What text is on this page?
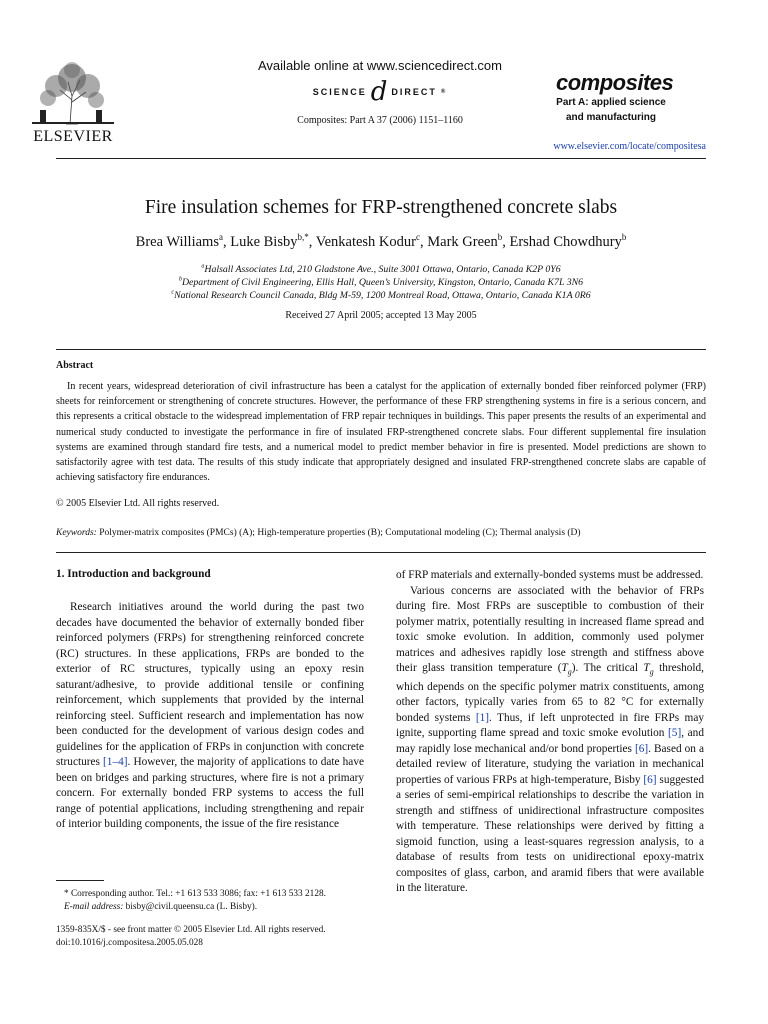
ELSEVIER
Available online at www.sciencedirect.com
SCIENCE d DIRECT ®
Composites: Part A 37 (2006) 1151–1160
composites
Part A: applied science
and manufacturing
www.elsevier.com/locate/compositesa
Fire insulation schemes for FRP-strengthened concrete slabs
Brea Williams$^a$, Luke Bisby$^{b,*}$, Venkatesh Kodur$^c$, Mark Green$^b$, Ershad Chowdhury$^b$
$^a$Halsall Associates Ltd, 210 Gladstone Ave., Suite 3001 Ottawa, Ontario, Canada K2P 0Y6
$^b$Department of Civil Engineering, Ellis Hall, Queen’s University, Kingston, Ontario, Canada K7L 3N6
$^c$National Research Council Canada, Bldg M-59, 1200 Montreal Road, Ottawa, Ontario, Canada K1A 0R6
Received 27 April 2005; accepted 13 May 2005
Abstract

In recent years, widespread deterioration of civil infrastructure has been a catalyst for the application of externally bonded fiber reinforced polymer (FRP) sheets for reinforcement or strengthening of concrete structures. However, the performance of these FRP strengthening systems in fire is a serious concern, and this represents a critical obstacle to the widespread implementation of FRP repair techniques in buildings. This paper presents the results of an experimental and numerical study conducted to investigate the performance in fire of insulated FRP-strengthened concrete slabs. Four different supplemental fire insulation systems are examined through standard fire tests, and a numerical model to predict member behavior in fire is presented. Model predictions are shown to satisfactorily agree with test data. The results of this study indicate that appropriately designed and insulated FRP-strengthened concrete slabs are capable of achieving satisfactory fire endurances.

© 2005 Elsevier Ltd. All rights reserved.
Keywords: Polymer-matrix composites (PMCs) (A); High-temperature properties (B); Computational modeling (C); Thermal analysis (D)
1. Introduction and background

Research initiatives around the world during the past two decades have documented the behavior of externally bonded fiber reinforced polymers (FRPs) for strengthening reinforced concrete (RC) structures. In these applications, FRPs are bonded to the exterior of RC structures, typically using an epoxy resin saturant/adhesive, to provide additional tensile or confining reinforcement, which supplements that provided by the internal reinforcing steel. Sufficient research and implementation has now been conducted for the development of various design codes and guidelines for the application of FRPs in conjunction with concrete structures [1–4]. However, the majority of applications to date have been on bridges and parking structures, where fire is not a primary concern. For externally bonded FRP systems to access the full range of potential applications, including strengthening and repair of interior building components, the issue of the fire resistance

of FRP materials and externally-bonded systems must be addressed.

Various concerns are associated with the behavior of FRPs during fire. Most FRPs are susceptible to combustion of their polymer matrix, potentially resulting in increased flame spread and toxic smoke evolution. In addition, commonly used polymer matrices and adhesives rapidly lose strength and stiffness above their glass transition temperature $(T_g)$. The critical $T_g$ threshold, which depends on the specific polymer matrix constituents, among other factors, typically varies from 65 to 82 °C for externally bonded systems [1]. Thus, if left unprotected in fire FRPs may ignite, supporting flame spread and toxic smoke evolution [5], and may rapidly lose mechanical and/or bond properties [6]. Based on a detailed review of literature, studying the variation in mechanical properties of various FRPs at high-temperature, Bisby [6] suggested a series of semi-empirical relationships to describe the variation in strength and stiffness of unidirectional infrastructure composites with temperature. These relationships were derived by fitting a sigmoid function, using a least-squares regression analysis, to a database of results from tests on unidirectional epoxy-matrix composites of glass, carbon, and aramid fibers that were available in the literature.

* Corresponding author. Tel.: +1 613 533 3086; fax: +1 613 533 2128.
E-mail address: bisby@civil.queensu.ca (L. Bisby).
1359-835X/$ - see front matter © 2005 Elsevier Ltd. All rights reserved.
doi:10.1016/j.compositesa.2005.05.028
